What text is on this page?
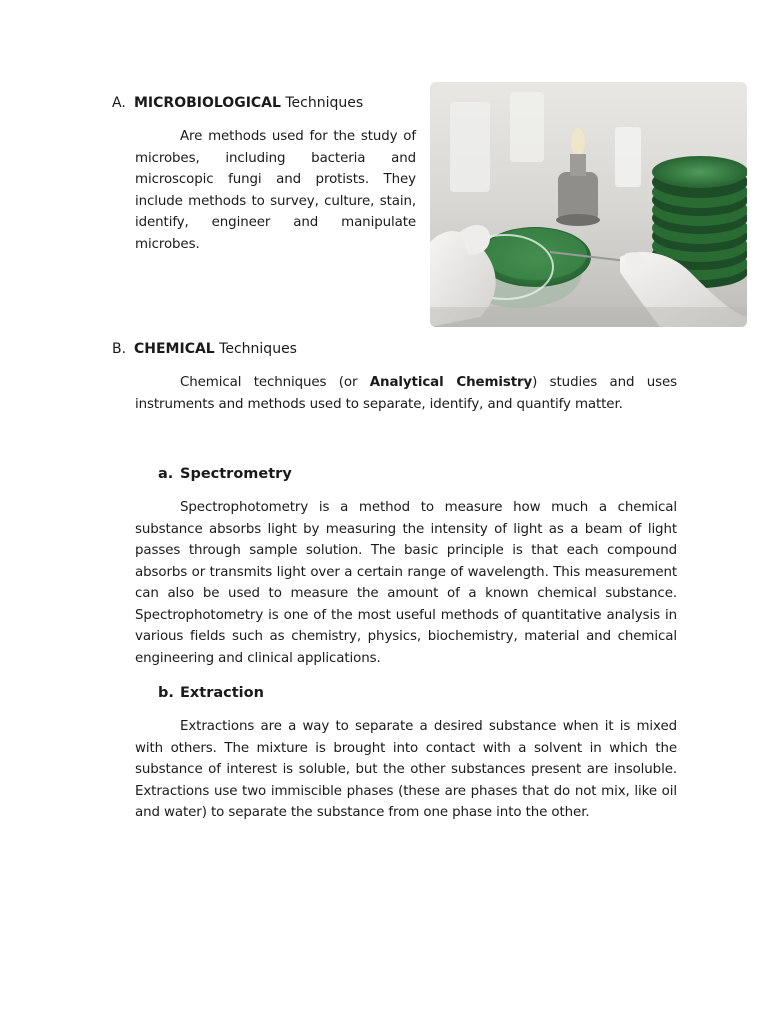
A. MICROBIOLOGICAL Techniques

Are methods used for the study of microbes, including bacteria and microscopic fungi and protists. They include methods to survey, culture, stain, identify, engineer and manipulate microbes.

B. CHEMICAL Techniques

Chemical techniques (or Analytical Chemistry) studies and uses instruments and methods used to separate, identify, and quantify matter.

a. Spectrometry

Spectrophotometry is a method to measure how much a chemical substance absorbs light by measuring the intensity of light as a beam of light passes through sample solution. The basic principle is that each compound absorbs or transmits light over a certain range of wavelength. This measurement can also be used to measure the amount of a known chemical substance. Spectrophotometry is one of the most useful methods of quantitative analysis in various fields such as chemistry, physics, biochemistry, material and chemical engineering and clinical applications.

b. Extraction

Extractions are a way to separate a desired substance when it is mixed with others. The mixture is brought into contact with a solvent in which the substance of interest is soluble, but the other substances present are insoluble. Extractions use two immiscible phases (these are phases that do not mix, like oil and water) to separate the substance from one phase into the other.
